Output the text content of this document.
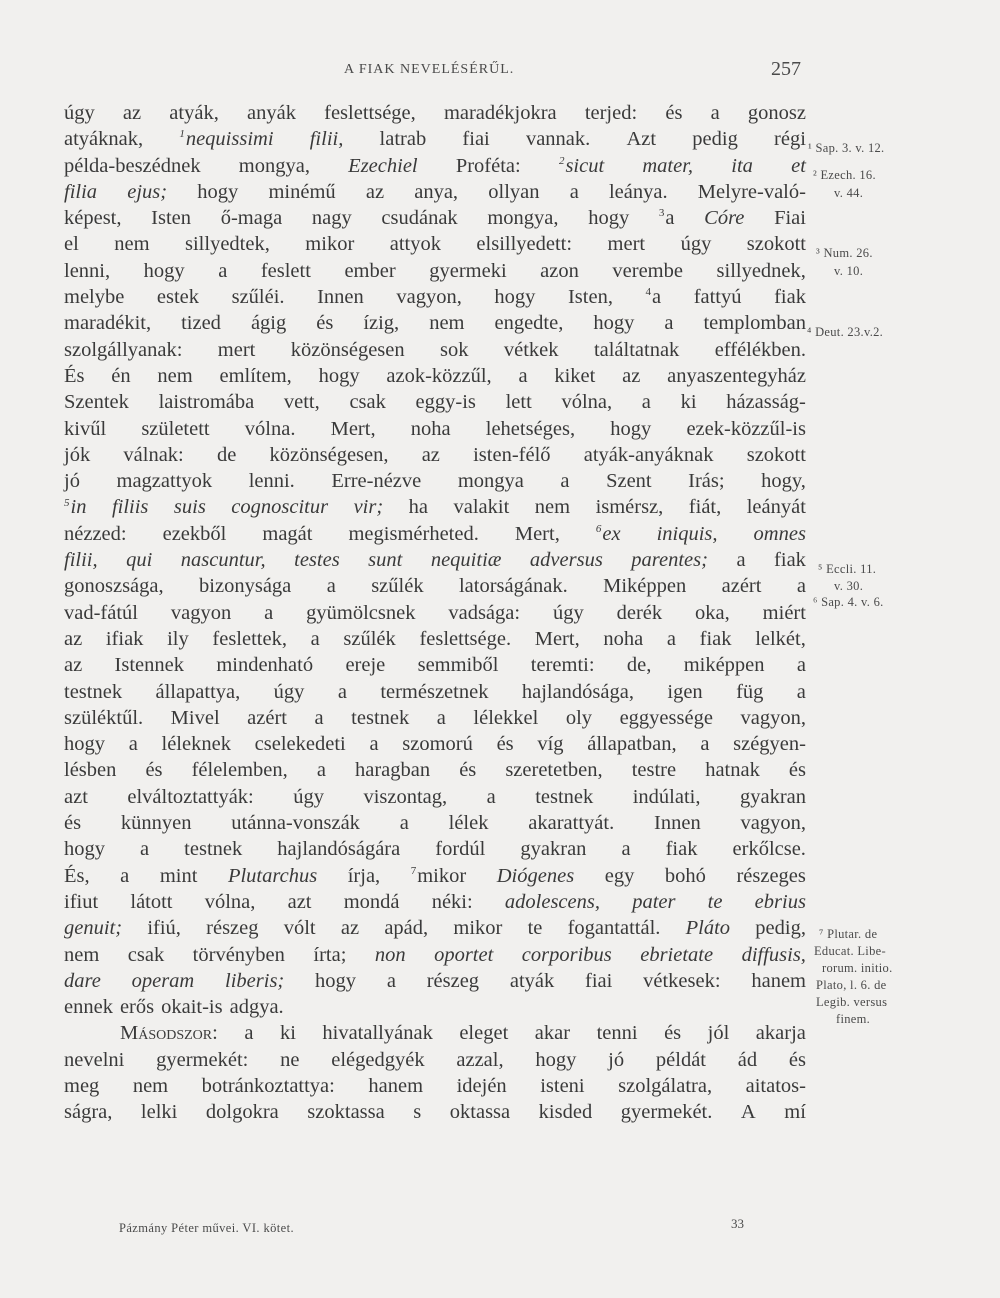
A FIAK NEVELÉSÉRŰL.	257
úgy az atyák, anyák feslettsége, maradékjokra terjed: és a gonosz
atyáknak,	$^1$nequissimi filii, latrab fiai vannak. Azt pedig régi
példa-beszédnek mongya, Ezechiel Proféta:	$^2$sicut mater, ita et
filia ejus; hogy minémű az anya, ollyan a leánya. Melyre-való-
képest, Isten ő-maga nagy csudának mongya, hogy	$^3$a Córe Fiai
el nem sillyedtek, mikor attyok elsillyedett: mert úgy szokott
lenni, hogy a feslett ember gyermeki azon verembe sillyednek,
melybe estek szűléi. Innen vagyon, hogy Isten,	$^4$a fattyú fiak
maradékit, tized ágig és ízig, nem engedte, hogy a templomban
szolgállyanak: mert közönségesen sok vétkek találtatnak effélékben.
És én nem említem, hogy azok-közzűl, a kiket az anyaszentegyház
Szentek laistromába vett, csak eggy-is lett vólna, a ki házasság-
kivűl született vólna. Mert, noha lehetséges, hogy ezek-közzűl-is
jók válnak: de közönségesen, az isten-félő atyák-anyáknak szokott
jó magzattyok lenni. Erre-nézve mongya a Szent Irás; hogy,
$^5$in filiis suis cognoscitur vir; ha valakit nem ismérsz, fiát, leányát
nézzed: ezekből magát megismérheted. Mert,	$^6$ex iniquis, omnes
filii, qui nascuntur, testes sunt nequitiæ adversus parentes; a fiak
gonoszsága, bizonysága a szűlék latorságának. Miképpen azért a
vad-fátúl vagyon a gyümölcsnek vadsága: úgy derék oka, miért
az ifiak ily feslettek, a szűlék feslettsége. Mert, noha a fiak lelkét,
az Istennek mindenható ereje semmiből teremti: de, miképpen a
testnek állapattya, úgy a természetnek hajlandósága, igen füg a
szüléktűl. Mivel azért a testnek a lélekkel oly eggyessége vagyon,
hogy a léleknek cselekedeti a szomorú és víg állapatban, a szégyen-
lésben és félelemben, a haragban és szeretetben, testre hatnak és
azt elváltoztattyák: úgy viszontag, a testnek indúlati, gyakran
és künnyen utánna-vonszák a lélek akarattyát. Innen vagyon,
hogy a testnek hajlandóságára fordúl gyakran a fiak erkőlcse.
És, a mint Plutarchus írja,	$^7$mikor Diógenes egy bohó részeges
ifiut látott vólna, azt mondá néki: adolescens, pater te ebrius
genuit; ifiú, részeg vólt az apád, mikor te fogantattál. Pláto pedig,
nem csak törvényben írta; non oportet corporibus ebrietate diffusis,
dare operam liberis; hogy a részeg atyák fiai vétkesek: hanem
ennek erős okait-is adgya.
Másodszor: a ki hivatallyának eleget akar tenni és jól akarja
nevelni gyermekét: ne elégedgyék azzal, hogy jó példát ád és
meg nem botránkoztattya: hanem idején isteni szolgálatra, aitatos-
ságra, lelki dolgokra szoktassa s oktassa kisded gyermekét. A mí
¹ Sap. 3. v. 12.
² Ezech. 16.
v. 44.
³ Num. 26.
v. 10.
⁴ Deut. 23.v.2.
⁵ Eccli. 11.
v. 30.
⁶ Sap. 4. v. 6.
⁷ Plutar. de
Educat. Libe-
rorum. initio.
Plato, l. 6. de
Legib. versus
finem.
Pázmány Péter művei. VI. kötet.	33
